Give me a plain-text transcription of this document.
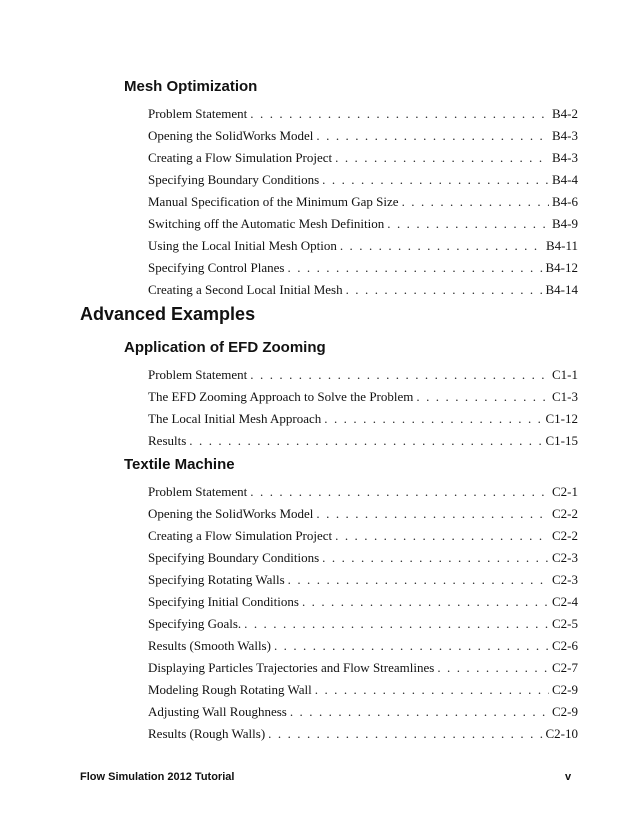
Mesh Optimization
Problem Statement . . .	B4-2
Opening the SolidWorks Model . . .	B4-3
Creating a Flow Simulation Project . . .	B4-3
Specifying Boundary Conditions . . .	B4-4
Manual Specification of the Minimum Gap Size . . .	B4-6
Switching off the Automatic Mesh Definition . . .	B4-9
Using the Local Initial Mesh Option . . .	B4-11
Specifying Control Planes . . .	B4-12
Creating a Second Local Initial Mesh . . .	B4-14
Advanced Examples
Application of EFD Zooming
Problem Statement . . .	C1-1
The EFD Zooming Approach to Solve the Problem . . .	C1-3
The Local Initial Mesh Approach . . .	C1-12
Results . . .	C1-15
Textile Machine
Problem Statement . . .	C2-1
Opening the SolidWorks Model . . .	C2-2
Creating a Flow Simulation Project . . .	C2-2
Specifying Boundary Conditions . . .	C2-3
Specifying Rotating Walls . . .	C2-3
Specifying Initial Conditions . . .	C2-4
Specifying Goals. . . .	C2-5
Results (Smooth Walls) . . .	C2-6
Displaying Particles Trajectories and Flow Streamlines . . .	C2-7
Modeling Rough Rotating Wall . . .	C2-9
Adjusting Wall Roughness . . .	C2-9
Results (Rough Walls) . . .	C2-10
Flow Simulation 2012 Tutorial	v
